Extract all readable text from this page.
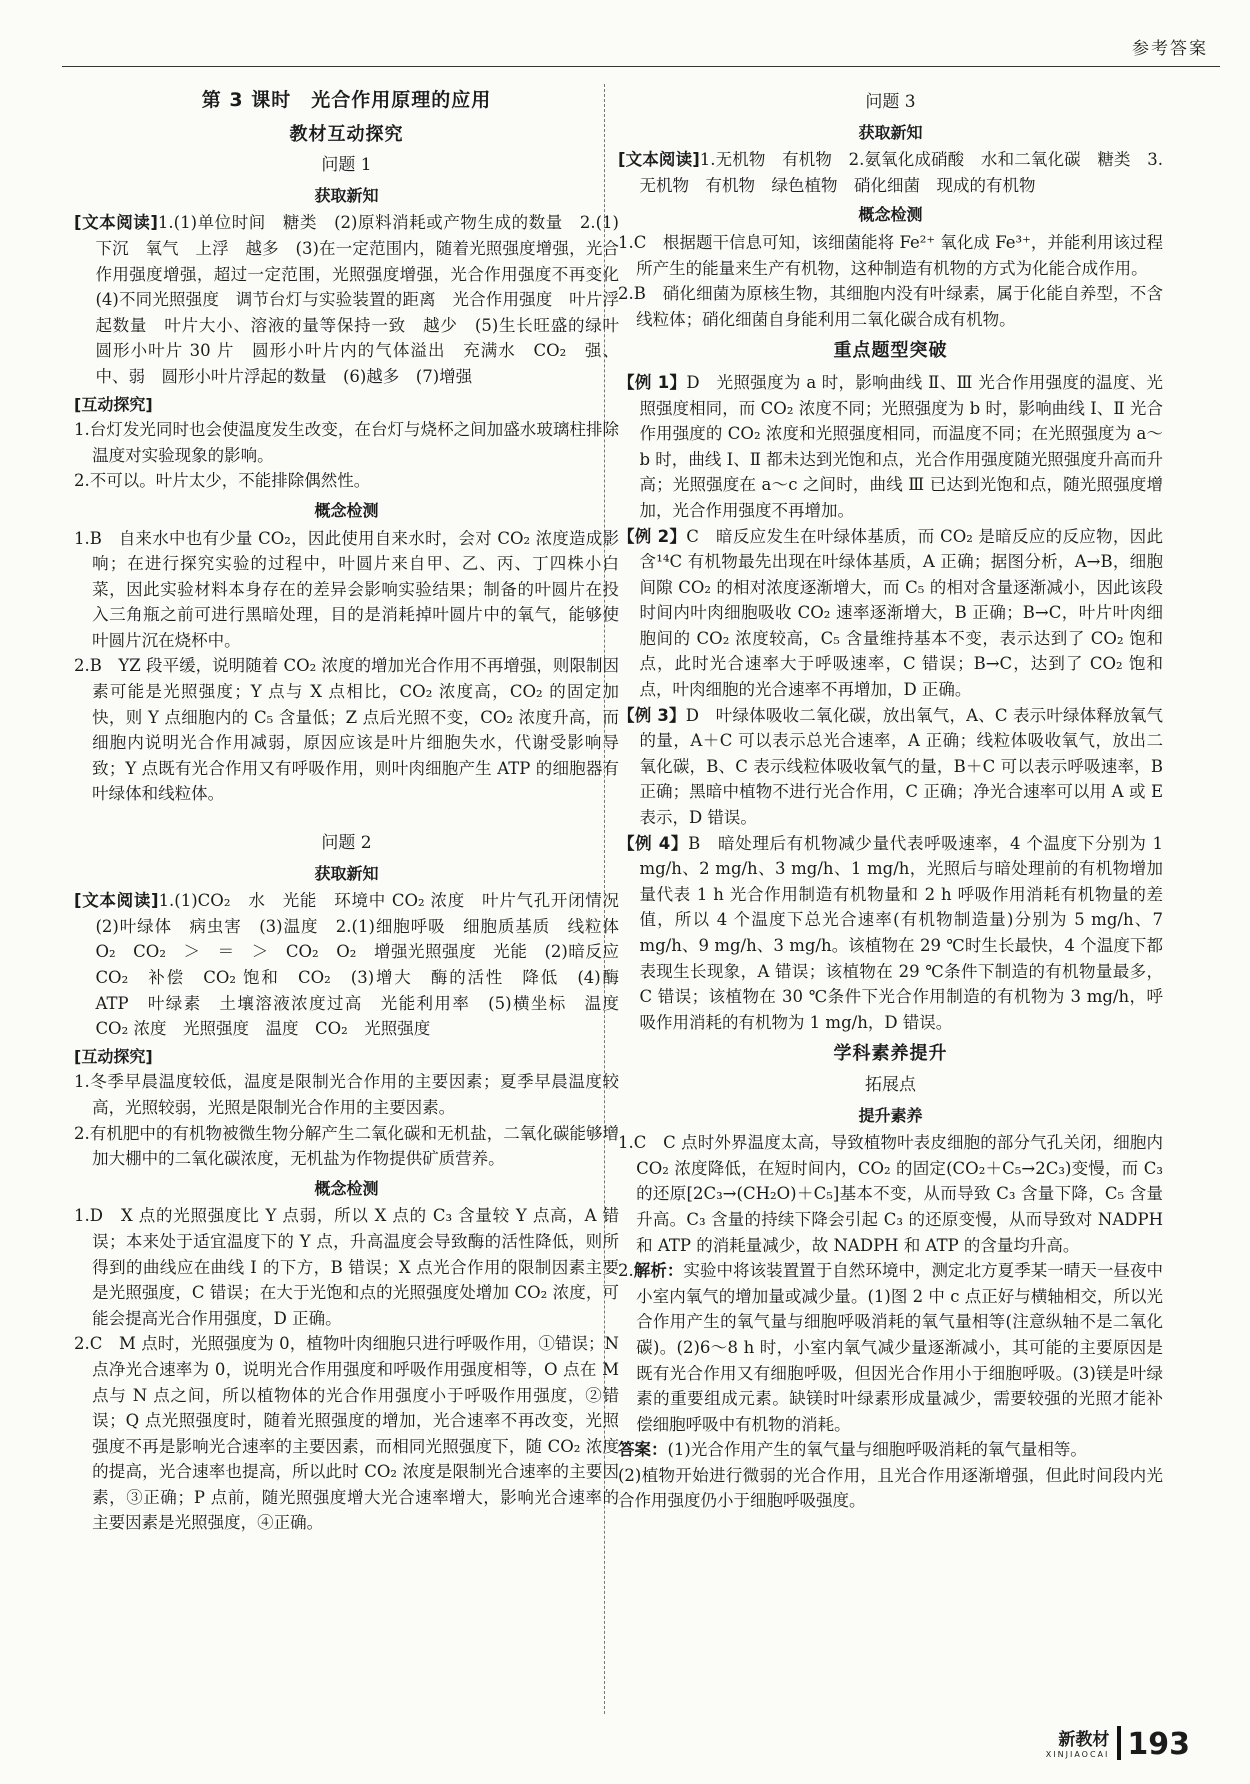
参考答案
第 3 课时　光合作用原理的应用
教材互动探究
问题 1
获取新知

[文本阅读]1.(1)单位时间　糖类　(2)原料消耗或产物生成的数量　2.(1)下沉　氧气　上浮　越多　(3)在一定范围内，随着光照强度增强，光合作用强度增强，超过一定范围，光照强度增强，光合作用强度不再变化　(4)不同光照强度　调节台灯与实验装置的距离　光合作用强度　叶片浮起数量　叶片大小、溶液的量等保持一致　越少　(5)生长旺盛的绿叶　圆形小叶片 30 片　圆形小叶片内的气体溢出　充满水　CO₂　强、中、弱　圆形小叶片浮起的数量　(6)越多　(7)增强

[互动探究]

1.台灯发光同时也会使温度发生改变，在台灯与烧杯之间加盛水玻璃柱排除温度对实验现象的影响。

2.不可以。叶片太少，不能排除偶然性。

概念检测

1.B　自来水中也有少量 CO₂，因此使用自来水时，会对 CO₂ 浓度造成影响；在进行探究实验的过程中，叶圆片来自甲、乙、丙、丁四株小白菜，因此实验材料本身存在的差异会影响实验结果；制备的叶圆片在投入三角瓶之前可进行黑暗处理，目的是消耗掉叶圆片中的氧气，能够使叶圆片沉在烧杯中。

2.B　YZ 段平缓，说明随着 CO₂ 浓度的增加光合作用不再增强，则限制因素可能是光照强度；Y 点与 X 点相比，CO₂ 浓度高，CO₂ 的固定加快，则 Y 点细胞内的 C₅ 含量低；Z 点后光照不变，CO₂ 浓度升高，而细胞内说明光合作用减弱，原因应该是叶片细胞失水，代谢受影响导致；Y 点既有光合作用又有呼吸作用，则叶肉细胞产生 ATP 的细胞器有叶绿体和线粒体。

问题 2
获取新知

[文本阅读]1.(1)CO₂　水　光能　环境中 CO₂ 浓度　叶片气孔开闭情况　(2)叶绿体　病虫害　(3)温度　2.(1)细胞呼吸　细胞质基质　线粒体　O₂　CO₂　＞　＝　＞　CO₂　O₂　增强光照强度　光能　(2)暗反应　CO₂　补偿　CO₂ 饱和　CO₂　(3)增大　酶的活性　降低　(4)酶　ATP　叶绿素　土壤溶液浓度过高　光能利用率　(5)横坐标　温度　CO₂ 浓度　光照强度　温度　CO₂　光照强度

[互动探究]

1.冬季早晨温度较低，温度是限制光合作用的主要因素；夏季早晨温度较高，光照较弱，光照是限制光合作用的主要因素。

2.有机肥中的有机物被微生物分解产生二氧化碳和无机盐，二氧化碳能够增加大棚中的二氧化碳浓度，无机盐为作物提供矿质营养。

概念检测

1.D　X 点的光照强度比 Y 点弱，所以 X 点的 C₃ 含量较 Y 点高，A 错误；本来处于适宜温度下的 Y 点，升高温度会导致酶的活性降低，则所得到的曲线应在曲线 Ⅰ 的下方，B 错误；X 点光合作用的限制因素主要是光照强度，C 错误；在大于光饱和点的光照强度处增加 CO₂ 浓度，可能会提高光合作用强度，D 正确。

2.C　M 点时，光照强度为 0，植物叶肉细胞只进行呼吸作用，①错误；N 点净光合速率为 0，说明光合作用强度和呼吸作用强度相等，O 点在 M 点与 N 点之间，所以植物体的光合作用强度小于呼吸作用强度，②错误；Q 点光照强度时，随着光照强度的增加，光合速率不再改变，光照强度不再是影响光合速率的主要因素，而相同光照强度下，随 CO₂ 浓度的提高，光合速率也提高，所以此时 CO₂ 浓度是限制光合速率的主要因素，③正确；P 点前，随光照强度增大光合速率增大，影响光合速率的主要因素是光照强度，④正确。

问题 3
获取新知

[文本阅读]1.无机物　有机物　2.氨氧化成硝酸　水和二氧化碳　糖类　3.无机物　有机物　绿色植物　硝化细菌　现成的有机物

概念检测

1.C　根据题干信息可知，该细菌能将 Fe²⁺ 氧化成 Fe³⁺，并能利用该过程所产生的能量来生产有机物，这种制造有机物的方式为化能合成作用。

2.B　硝化细菌为原核生物，其细胞内没有叶绿素，属于化能自养型，不含线粒体；硝化细菌自身能利用二氧化碳合成有机物。

重点题型突破

【例 1】D　光照强度为 a 时，影响曲线 Ⅱ、Ⅲ 光合作用强度的温度、光照强度相同，而 CO₂ 浓度不同；光照强度为 b 时，影响曲线 Ⅰ、Ⅱ 光合作用强度的 CO₂ 浓度和光照强度相同，而温度不同；在光照强度为 a～b 时，曲线 Ⅰ、Ⅱ 都未达到光饱和点，光合作用强度随光照强度升高而升高；光照强度在 a～c 之间时，曲线 Ⅲ 已达到光饱和点，随光照强度增加，光合作用强度不再增加。

【例 2】C　暗反应发生在叶绿体基质，而 CO₂ 是暗反应的反应物，因此含¹⁴C 有机物最先出现在叶绿体基质，A 正确；据图分析，A→B，细胞间隙 CO₂ 的相对浓度逐渐增大，而 C₅ 的相对含量逐渐减小，因此该段时间内叶肉细胞吸收 CO₂ 速率逐渐增大，B 正确；B→C，叶片叶肉细胞间的 CO₂ 浓度较高，C₅ 含量维持基本不变，表示达到了 CO₂ 饱和点，此时光合速率大于呼吸速率，C 错误；B→C，达到了 CO₂ 饱和点，叶肉细胞的光合速率不再增加，D 正确。

【例 3】D　叶绿体吸收二氧化碳，放出氧气，A、C 表示叶绿体释放氧气的量，A＋C 可以表示总光合速率，A 正确；线粒体吸收氧气，放出二氧化碳，B、C 表示线粒体吸收氧气的量，B＋C 可以表示呼吸速率，B 正确；黑暗中植物不进行光合作用，C 正确；净光合速率可以用 A 或 E 表示，D 错误。

【例 4】B　暗处理后有机物减少量代表呼吸速率，4 个温度下分别为 1 mg/h、2 mg/h、3 mg/h、1 mg/h，光照后与暗处理前的有机物增加量代表 1 h 光合作用制造有机物量和 2 h 呼吸作用消耗有机物量的差值，所以 4 个温度下总光合速率(有机物制造量)分别为 5 mg/h、7 mg/h、9 mg/h、3 mg/h。该植物在 29 ℃时生长最快，4 个温度下都表现生长现象，A 错误；该植物在 29 ℃条件下制造的有机物量最多，C 错误；该植物在 30 ℃条件下光合作用制造的有机物为 3 mg/h，呼吸作用消耗的有机物为 1 mg/h，D 错误。

学科素养提升
拓展点
提升素养

1.C　C 点时外界温度太高，导致植物叶表皮细胞的部分气孔关闭，细胞内 CO₂ 浓度降低，在短时间内，CO₂ 的固定(CO₂＋C₅→2C₃)变慢，而 C₃ 的还原[2C₃→(CH₂O)＋C₅]基本不变，从而导致 C₃ 含量下降，C₅ 含量升高。C₃ 含量的持续下降会引起 C₃ 的还原变慢，从而导致对 NADPH 和 ATP 的消耗量减少，故 NADPH 和 ATP 的含量均升高。

2.解析：实验中将该装置置于自然环境中，测定北方夏季某一晴天一昼夜中小室内氧气的增加量或减少量。(1)图 2 中 c 点正好与横轴相交，所以光合作用产生的氧气量与细胞呼吸消耗的氧气量相等(注意纵轴不是二氧化碳)。(2)6～8 h 时，小室内氧气减少量逐渐减小，其可能的主要原因是既有光合作用又有细胞呼吸，但因光合作用小于细胞呼吸。(3)镁是叶绿素的重要组成元素。缺镁时叶绿素形成量减少，需要较强的光照才能补偿细胞呼吸中有机物的消耗。

答案：(1)光合作用产生的氧气量与细胞呼吸消耗的氧气量相等。

(2)植物开始进行微弱的光合作用，且光合作用逐渐增强，但此时间段内光合作用强度仍小于细胞呼吸强度。

新教材
XINJIAOCAI 193
